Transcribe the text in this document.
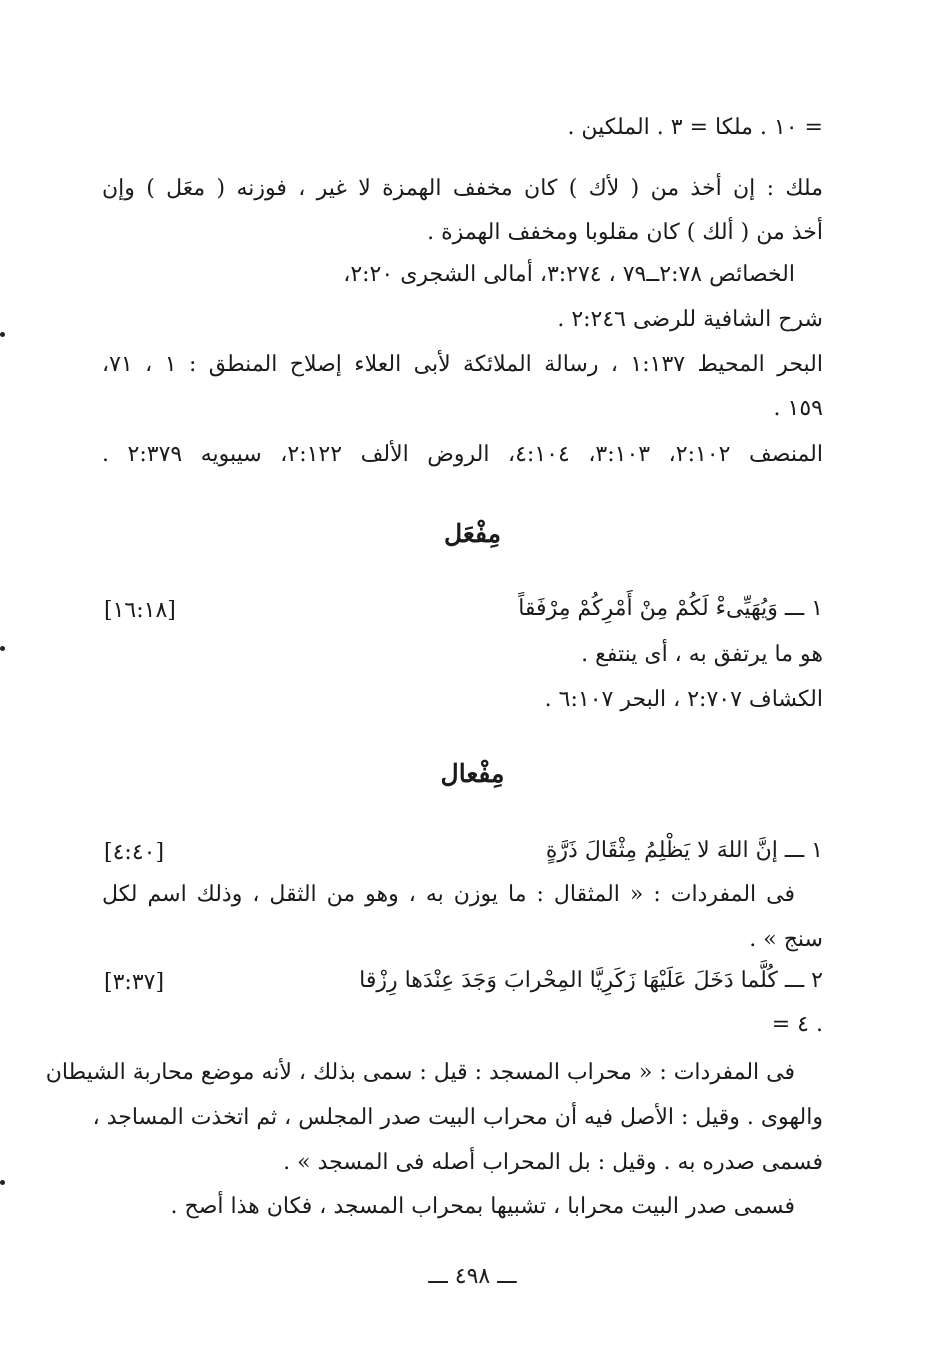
= ١٠ . ملكا = ٣ . الملكين .
ملك : إن أخذ من ( لأك ) كان مخفف الهمزة لا غير ، فوزنه ( معَل ) وإن
أخذ من ( ألك ) كان مقلوبا ومخفف الهمزة .
الخصائص ٢:٧٨ــ٧٩ ، ٣:٢٧٤، أمالى الشجرى ٢:٢٠،
شرح الشافية للرضى ٢:٢٤٦ .
البحر المحيط ١:١٣٧ ، رسالة الملائكة لأبى العلاء إصلاح المنطق : ١ ، ٧١،
. ١٥٩
المنصف ٢:١٠٢، ٣:١٠٣، ٤:١٠٤، الروض الألف ٢:١٢٢، سيبويه ٢:٣٧٩ .
مِفْعَل
١ ـــ وَيُهَيِّىءْ لَكُمْ مِنْ أَمْرِكُمْ مِرْفَقاً
[١٦:١٨]
هو ما يرتفق به ، أى ينتفع .
الكشاف ٢:٧٠٧ ، البحر ٦:١٠٧ .
مِفْعال
١ ـــ إنَّ اللهَ لا يَظْلِمُ مِثْقَالَ ذَرَّةٍ
[٤:٤٠]
فى المفردات : « المثقال : ما يوزن به ، وهو من الثقل ، وذلك اسم لكل
سنج » .
٢ ـــ كُلَّما دَخَلَ عَلَيْهَا زَكَرِيَّا المِحْرابَ وَجَدَ عِنْدَها رِزْقا
[٣:٣٧]
= ٤ .
فى المفردات : « محراب المسجد : قيل : سمى بذلك ، لأنه موضع محاربة الشيطان
والهوى . وقيل : الأصل فيه أن محراب البيت صدر المجلس ، ثم اتخذت المساجد ،
فسمى صدره به . وقيل : بل المحراب أصله فى المسجد » .
فسمى صدر البيت محرابا ، تشبيها بمحراب المسجد ، فكان هذا أصح .
ـــ ٤٩٨ ـــ
